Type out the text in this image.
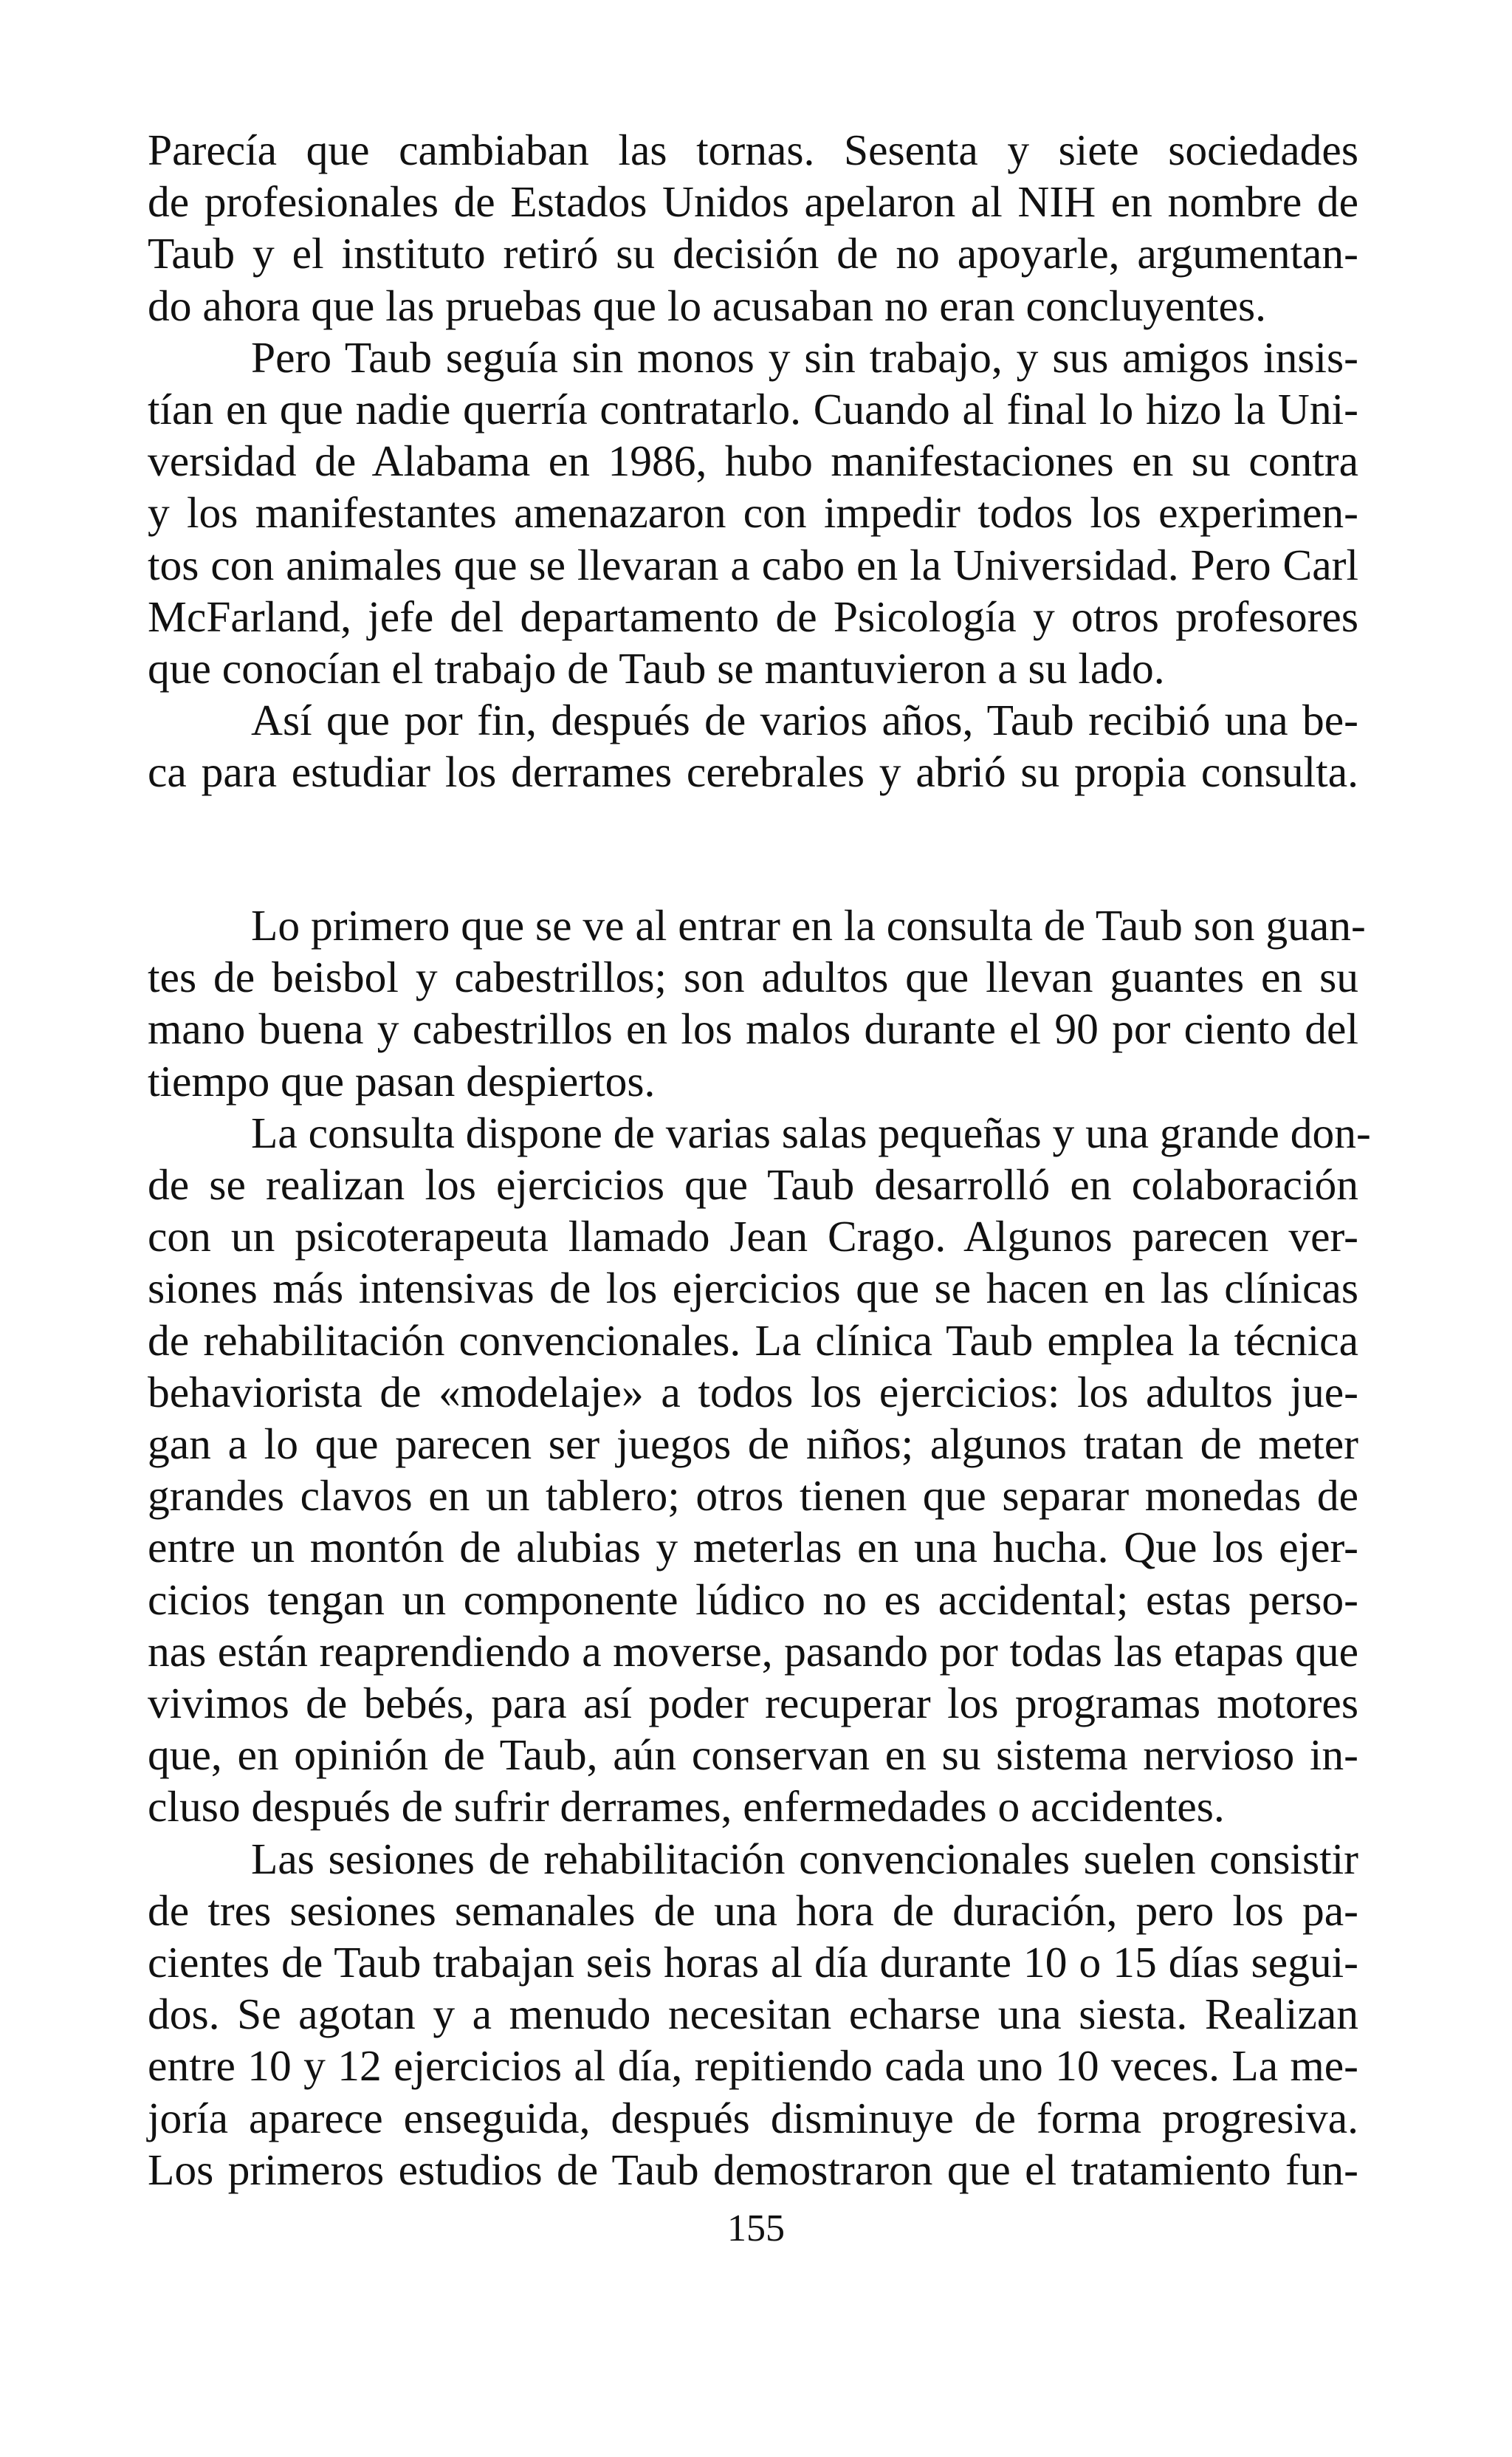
Parecía que cambiaban las tornas. Sesenta y siete sociedades
de profesionales de Estados Unidos apelaron al NIH en nombre de
Taub y el instituto retiró su decisión de no apoyarle, argumentan-
do ahora que las pruebas que lo acusaban no eran concluyentes.

Pero Taub seguía sin monos y sin trabajo, y sus amigos insis-
tían en que nadie querría contratarlo. Cuando al final lo hizo la Uni-
versidad de Alabama en 1986, hubo manifestaciones en su contra
y los manifestantes amenazaron con impedir todos los experimen-
tos con animales que se llevaran a cabo en la Universidad. Pero Carl
McFarland, jefe del departamento de Psicología y otros profesores
que conocían el trabajo de Taub se mantuvieron a su lado.

Así que por fin, después de varios años, Taub recibió una be-
ca para estudiar los derrames cerebrales y abrió su propia consulta.

Lo primero que se ve al entrar en la consulta de Taub son guan-
tes de beisbol y cabestrillos; son adultos que llevan guantes en su
mano buena y cabestrillos en los malos durante el 90 por ciento del
tiempo que pasan despiertos.

La consulta dispone de varias salas pequeñas y una grande don-
de se realizan los ejercicios que Taub desarrolló en colaboración
con un psicoterapeuta llamado Jean Crago. Algunos parecen ver-
siones más intensivas de los ejercicios que se hacen en las clínicas
de rehabilitación convencionales. La clínica Taub emplea la técnica
behaviorista de «modelaje» a todos los ejercicios: los adultos jue-
gan a lo que parecen ser juegos de niños; algunos tratan de meter
grandes clavos en un tablero; otros tienen que separar monedas de
entre un montón de alubias y meterlas en una hucha. Que los ejer-
cicios tengan un componente lúdico no es accidental; estas perso-
nas están reaprendiendo a moverse, pasando por todas las etapas que
vivimos de bebés, para así poder recuperar los programas motores
que, en opinión de Taub, aún conservan en su sistema nervioso in-
cluso después de sufrir derrames, enfermedades o accidentes.

Las sesiones de rehabilitación convencionales suelen consistir
de tres sesiones semanales de una hora de duración, pero los pa-
cientes de Taub trabajan seis horas al día durante 10 o 15 días segui-
dos. Se agotan y a menudo necesitan echarse una siesta. Realizan
entre 10 y 12 ejercicios al día, repitiendo cada uno 10 veces. La me-
joría aparece enseguida, después disminuye de forma progresiva.
Los primeros estudios de Taub demostraron que el tratamiento fun-

155
